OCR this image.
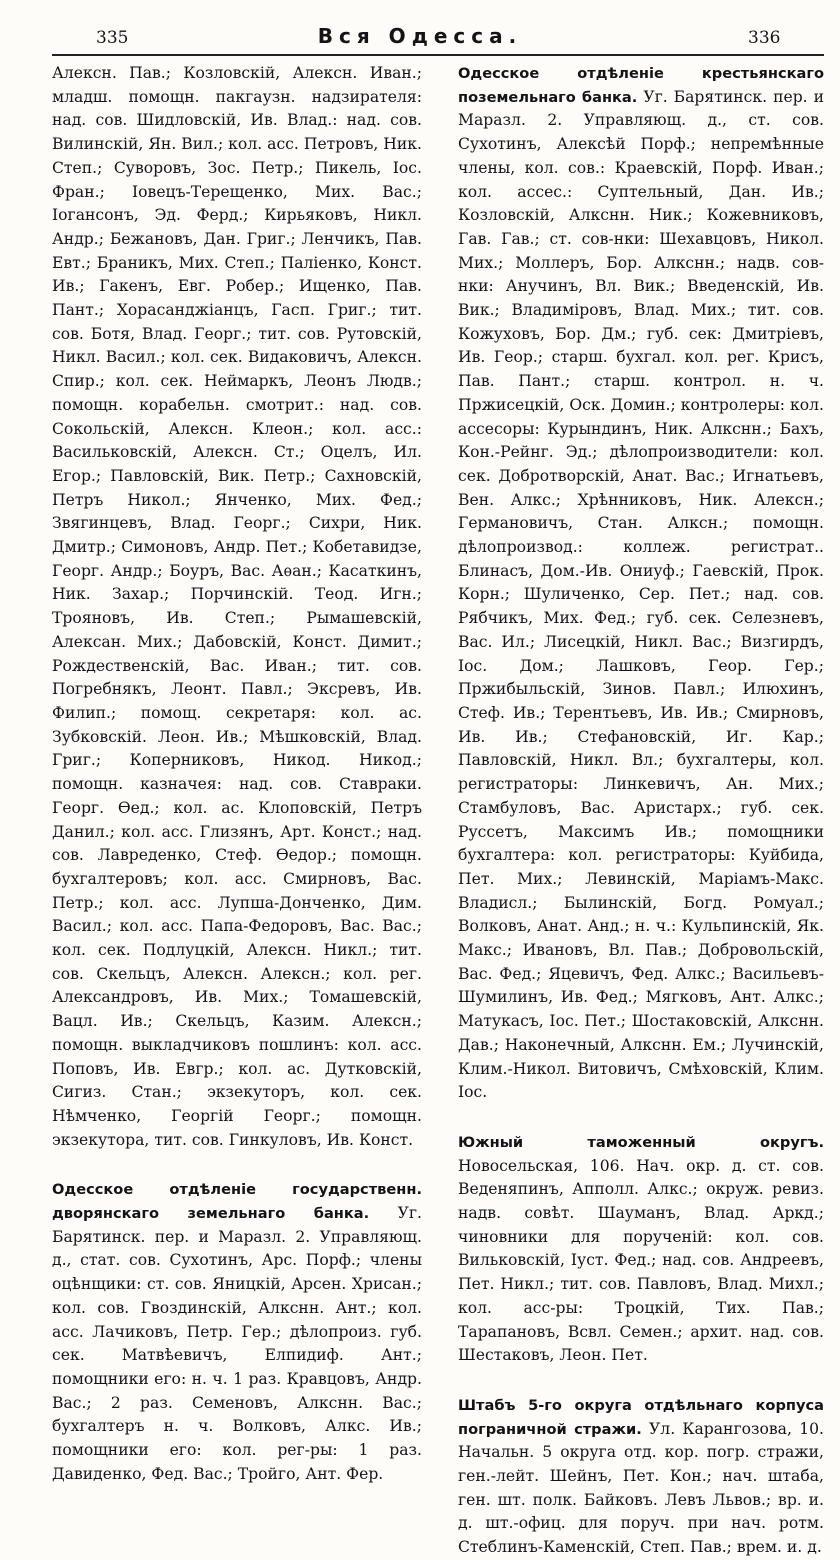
335	Вся Одесса.	336

Алексн. Пав.; Козловскій, Алексн. Иван.; младш. помощн. пакгаузн. надзирателя: над. сов. Шидловскій, Ив. Влад.: над. сов. Вилинскій, Ян. Вил.; кол. асс. Петровъ, Ник. Степ.; Суворовъ, Зос. Петр.; Пикель, Іос. Фран.; Іовецъ-Терещенко, Мих. Вас.; Іогансонъ, Эд. Ферд.; Кирьяковъ, Никл. Андр.; Бежановъ, Дан. Григ.; Ленчикъ, Пав. Евт.; Браникъ, Мих. Степ.; Паліенко, Конст. Ив.; Гакенъ, Евг. Робер.; Ищенко, Пав. Пант.; Хорасанджіанцъ, Гасп. Григ.; тит. сов. Ботя, Влад. Георг.; тит. сов. Рутовскій, Никл. Васил.; кол. сек. Видаковичъ, Алексн. Спир.; кол. сек. Неймаркъ, Леонъ Людв.; помощн. корабельн. смотрит.: над. сов. Сокольскій, Алексн. Клеон.; кол. асс.: Васильковскій, Алексн. Ст.; Оцелъ, Ил. Егор.; Павловскій, Вик. Петр.; Сахновскій, Петръ Никол.; Янченко, Мих. Фед.; Звягинцевъ, Влад. Георг.; Сихри, Ник. Дмитр.; Симоновъ, Андр. Пет.; Кобетавидзе, Георг. Андр.; Боуръ, Вас. Аѳан.; Касаткинъ, Ник. Захар.; Порчинскій. Теод. Игн.; Трояновъ, Ив. Степ.; Рымашевскій, Алексан. Мих.; Дабовскій, Конст. Димит.; Рождественскій, Вас. Иван.; тит. сов. Погребнякъ, Леонт. Павл.; Эксревъ, Ив. Филип.; помощ. секретаря: кол. ас. Зубковскій. Леон. Ив.; Мѣшковскій, Влад. Григ.; Коперниковъ, Никод. Никод.; помощн. казначея: над. сов. Ставраки. Георг. Ѳед.; кол. ас. Клоповскій, Петръ Данил.; кол. асс. Глизянъ, Арт. Конст.; над. сов. Лавреденко, Стеф. Ѳедор.; помощн. бухгалтеровъ; кол. асс. Смирновъ, Вас. Петр.; кол. асс. Лупша-Донченко, Дим. Васил.; кол. асс. Папа-Федоровъ, Вас. Вас.; кол. сек. Подлуцкій, Алексн. Никл.; тит. сов. Скельцъ, Алексн. Алексн.; кол. рег. Александровъ, Ив. Мих.; Томашевскій, Вацл. Ив.; Скельцъ, Казим. Алексн.; помощн. выкладчиковъ пошлинъ: кол. асс. Поповъ, Ив. Евгр.; кол. ас. Дутковскій, Сигиз. Стан.; экзекуторъ, кол. сек. Нѣмченко, Георгій Георг.; помощн. экзекутора, тит. сов. Гинкуловъ, Ив. Конст.

Одесское отдѣленіе государственн. дворянскаго земельнаго банка. Уг. Барятинск. пер. и Маразл. 2. Управляющ. д., стат. сов. Сухотинъ, Арс. Порф.; члены оцѣнщики: ст. сов. Яницкій, Арсен. Хрисан.; кол. сов. Гвоздинскій, Алкснн. Ант.; кол. асс. Лачиковъ, Петр. Гер.; дѣлопроиз. губ. сек. Матвѣевичъ, Елпидиф. Ант.; помощники его: н. ч. 1 раз. Кравцовъ, Андр. Вас.; 2 раз. Семеновъ, Алкснн. Вас.; бухгалтеръ н. ч. Волковъ, Алкс. Ив.; помощники его: кол. рег-ры: 1 раз. Давиденко, Фед. Вас.; Тройго, Ант. Фер.

Одесское отдѣленіе крестьянскаго поземельнаго банка. Уг. Барятинск. пер. и Маразл. 2. Управляющ. д., ст. сов. Сухотинъ, Алексѣй Порф.; непремѣнные члены, кол. сов.: Краевскій, Порф. Иван.; кол. ассес.: Суптельный, Дан. Ив.; Козловскій, Алкснн. Ник.; Кожевниковъ, Гав. Гав.; ст. сов-нки: Шехавцовъ, Никол. Мих.; Моллеръ, Бор. Алкснн.; надв. сов-нки: Анучинъ, Вл. Вик.; Введенскій, Ив. Вик.; Владиміровъ, Влад. Мих.; тит. сов. Кожуховъ, Бор. Дм.; губ. сек: Дмитріевъ, Ив. Геор.; старш. бухгал. кол. рег. Крисъ, Пав. Пант.; старш. контрол. н. ч. Пржисецкій, Оск. Домин.; контролеры: кол. ассесоры: Курындинъ, Ник. Алкснн.; Бахъ, Кон.-Рейнг. Эд.; дѣлопроизводители: кол. сек. Добротворскій, Анат. Вас.; Игнатьевъ, Вен. Алкс.; Хрѣнниковъ, Ник. Алексн.; Германовичъ, Стан. Алксн.; помощн. дѣлопроизвод.: коллеж. регистрат.. Блинасъ, Дом.-Ив. Ониуф.; Гаевскій, Прок. Корн.; Шуличенко, Сер. Пет.; над. сов. Рябчикъ, Мих. Фед.; губ. сек. Селезневъ, Вас. Ил.; Лисецкій, Никл. Вас.; Визгирдъ, Іос. Дом.; Лашковъ, Геор. Гер.; Пржибыльскій, Зинов. Павл.; Илюхинъ, Стеф. Ив.; Терентьевъ, Ив. Ив.; Смирновъ, Ив. Ив.; Стефановскій, Иг. Кар.; Павловскій, Никл. Вл.; бухгалтеры, кол. регистраторы: Линкевичъ, Ан. Мих.; Стамбуловъ, Вас. Аристарх.; губ. сек. Руссетъ, Максимъ Ив.; помощники бухгалтера: кол. регистраторы: Куйбида, Пет. Мих.; Левинскій, Маріамъ-Макс. Владисл.; Былинскій, Богд. Ромуал.; Волковъ, Анат. Анд.; н. ч.: Кульпинскій, Як. Макс.; Ивановъ, Вл. Пав.; Добровольскій, Вас. Фед.; Яцевичъ, Фед. Алкс.; Васильевъ-Шумилинъ, Ив. Фед.; Мягковъ, Ант. Алкс.; Матукасъ, Іос. Пет.; Шостаковскій, Алкснн. Дав.; Наконечный, Алкснн. Ем.; Лучинскій, Клим.-Никол. Витовичъ, Смѣховскій, Клим. Іос.

Южный таможенный округъ. Новосельская, 106. Нач. окр. д. ст. сов. Веденяпинъ, Апполл. Алкс.; окруж. ревиз. надв. совѣт. Шауманъ, Влад. Аркд.; чиновники для порученій: кол. сов. Вильковскій, Іуст. Фед.; над. сов. Андреевъ, Пет. Никл.; тит. сов. Павловъ, Влад. Михл.; кол. асс-ры: Троцкій, Тих. Пав.; Тарапановъ, Всвл. Семен.; архит. над. сов. Шестаковъ, Леон. Пет.

Штабъ 5-го округа отдѣльнаго корпуса пограничной стражи. Ул. Карангозова, 10. Начальн. 5 округа отд. кор. погр. стражи, ген.-лейт. Шейнъ, Пет. Кон.; нач. штаба, ген. шт. полк. Байковъ. Левъ Львов.; вр. и. д. шт.-офиц. для поруч. при нач. ротм. Стеблинъ-Каменскій, Степ. Пав.; врем. и. д.
